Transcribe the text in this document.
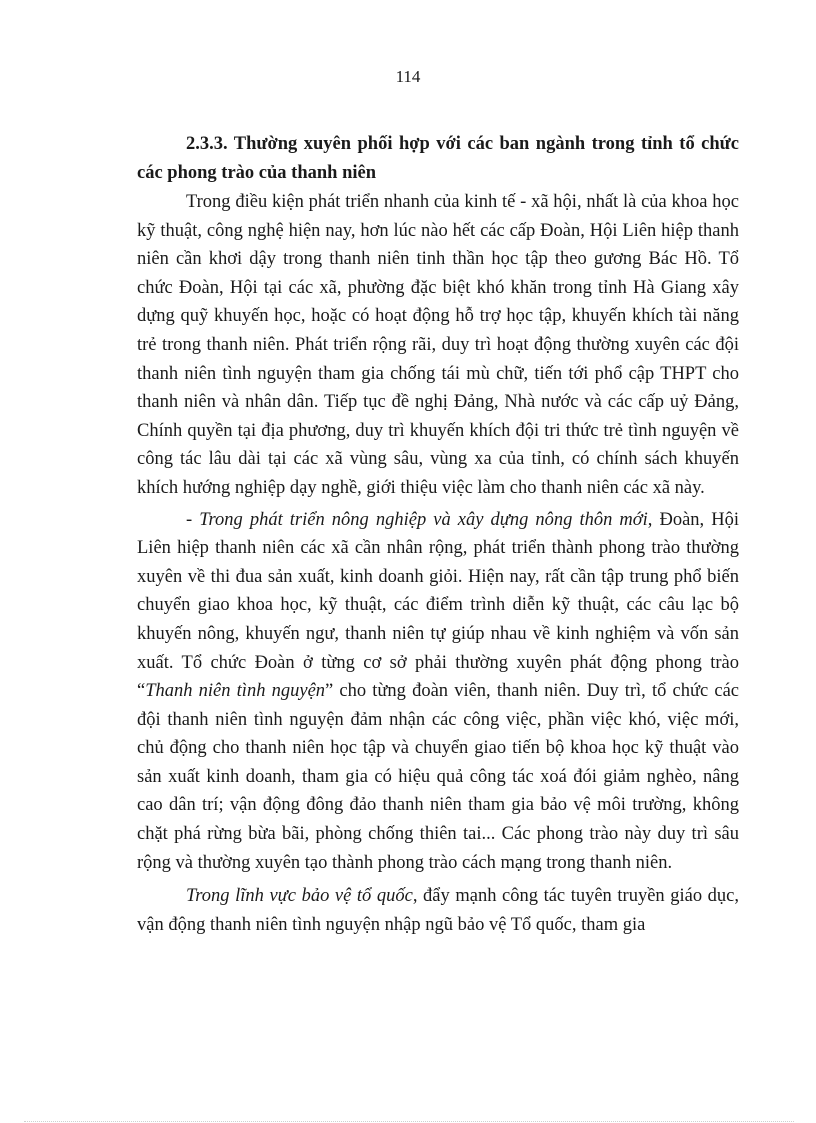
114

2.3.3. Thường xuyên phối hợp với các ban ngành trong tỉnh tổ chức các phong trào của thanh niên

Trong điều kiện phát triển nhanh của kinh tế - xã hội, nhất là của khoa học kỹ thuật, công nghệ hiện nay, hơn lúc nào hết các cấp Đoàn, Hội Liên hiệp thanh niên cần khơi dậy trong thanh niên tinh thần học tập theo gương Bác Hồ. Tổ chức Đoàn, Hội tại các xã, phường đặc biệt khó khăn trong tỉnh Hà Giang xây dựng quỹ khuyến học, hoặc có hoạt động hỗ trợ học tập, khuyến khích tài năng trẻ trong thanh niên. Phát triển rộng rãi, duy trì hoạt động thường xuyên các đội thanh niên tình nguyện tham gia chống tái mù chữ, tiến tới phổ cập THPT cho thanh niên và nhân dân. Tiếp tục đề nghị Đảng, Nhà nước và các cấp uỷ Đảng, Chính quyền tại địa phương, duy trì khuyến khích đội tri thức trẻ tình nguyện về công tác lâu dài tại các xã vùng sâu, vùng xa của tỉnh, có chính sách khuyến khích hướng nghiệp dạy nghề, giới thiệu việc làm cho thanh niên các xã này.

- Trong phát triển nông nghiệp và xây dựng nông thôn mới, Đoàn, Hội Liên hiệp thanh niên các xã cần nhân rộng, phát triển thành phong trào thường xuyên về thi đua sản xuất, kinh doanh giỏi. Hiện nay, rất cần tập trung phổ biến chuyển giao khoa học, kỹ thuật, các điểm trình diễn kỹ thuật, các câu lạc bộ khuyến nông, khuyến ngư, thanh niên tự giúp nhau về kinh nghiệm và vốn sản xuất. Tổ chức Đoàn ở từng cơ sở phải thường xuyên phát động phong trào “Thanh niên tình nguyện” cho từng đoàn viên, thanh niên. Duy trì, tổ chức các đội thanh niên tình nguyện đảm nhận các công việc, phần việc khó, việc mới, chủ động cho thanh niên học tập và chuyển giao tiến bộ khoa học kỹ thuật vào sản xuất kinh doanh, tham gia có hiệu quả công tác xoá đói giảm nghèo, nâng cao dân trí; vận động đông đảo thanh niên tham gia bảo vệ môi trường, không chặt phá rừng bừa bãi, phòng chống thiên tai... Các phong trào này duy trì sâu rộng và thường xuyên tạo thành phong trào cách mạng trong thanh niên.

Trong lĩnh vực bảo vệ tổ quốc, đẩy mạnh công tác tuyên truyền giáo dục, vận động thanh niên tình nguyện nhập ngũ bảo vệ Tổ quốc, tham gia
